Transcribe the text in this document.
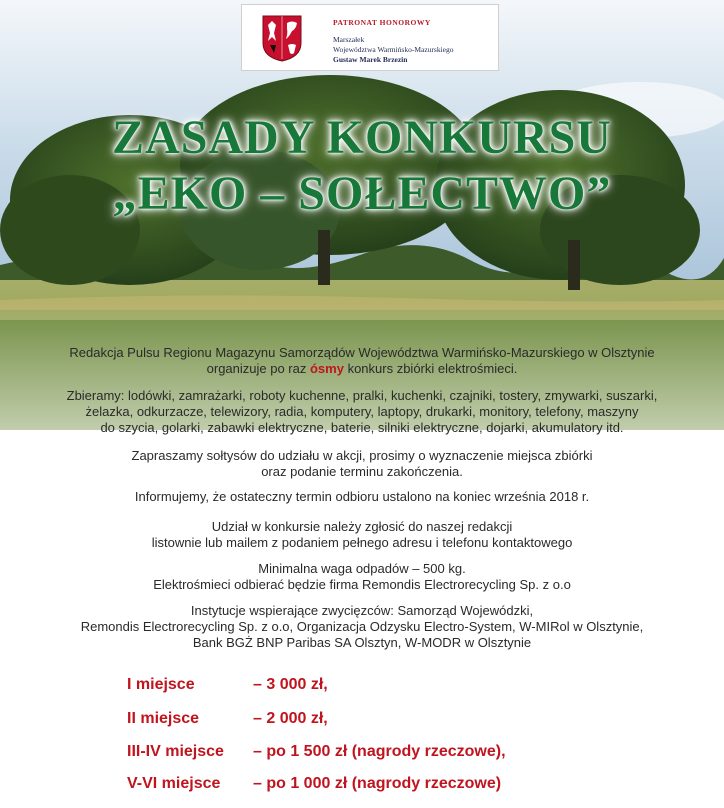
PATRONAT HONOROWY
Marszałek
Województwa Warmińsko-Mazurskiego
Gustaw Marek Brzezin
ZASADY KONKURSU
„EKO – SOŁECTWO”
Redakcja Pulsu Regionu Magazynu Samorządów Województwa Warmińsko-Mazurskiego w Olsztynie
organizuje po raz ósmy konkurs zbiórki elektrośmieci.
Zbieramy: lodówki, zamrażarki, roboty kuchenne, pralki, kuchenki, czajniki, tostery, zmywarki, suszarki,
żelazka, odkurzacze, telewizory, radia, komputery, laptopy, drukarki, monitory, telefony, maszyny
do szycia, golarki, zabawki elektryczne, baterie, silniki elektryczne, dojarki, akumulatory itd.
Zapraszamy sołtysów do udziału w akcji, prosimy o wyznaczenie miejsca zbiórki
oraz podanie terminu zakończenia.
Informujemy, że ostateczny termin odbioru ustalono na koniec września 2018 r.
Udział w konkursie należy zgłosić do naszej redakcji
listownie lub mailem z podaniem pełnego adresu i telefonu kontaktowego
Minimalna waga odpadów – 500 kg.
Elektrośmieci odbierać będzie firma Remondis Electrorecycling Sp. z o.o
Instytucje wspierające zwycięzców: Samorząd Wojewódzki,
Remondis Electrorecycling Sp. z o.o, Organizacja Odzysku Electro-System, W-MIRol w Olsztynie,
Bank BGŻ BNP Paribas SA Olsztyn, W-MODR w Olsztynie
I miejsce	– 3 000 zł,
II miejsce	– 2 000 zł,
III-IV miejsce – po 1 500 zł (nagrody rzeczowe),
V-VI miejsce – po 1 000 zł (nagrody rzeczowe)
